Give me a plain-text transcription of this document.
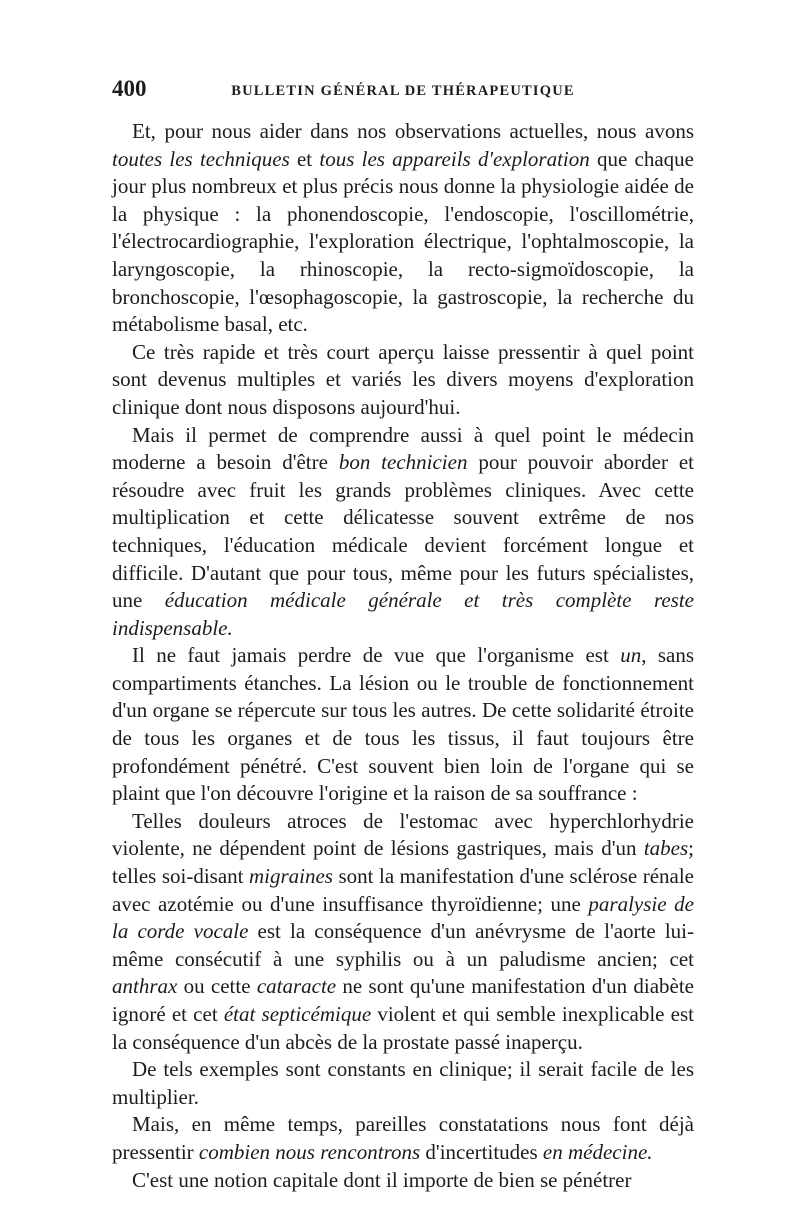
400	BULLETIN GÉNÉRAL DE THÉRAPEUTIQUE

Et, pour nous aider dans nos observations actuelles, nous avons toutes les techniques et tous les appareils d'exploration que chaque jour plus nombreux et plus précis nous donne la physiologie aidée de la physique : la phonendoscopie, l'endoscopie, l'oscillométrie, l'électrocardiographie, l'exploration électrique, l'ophtalmoscopie, la laryngoscopie, la rhinoscopie, la recto-sigmoïdoscopie, la bronchoscopie, l'œsophagoscopie, la gastroscopie, la recherche du métabolisme basal, etc.

Ce très rapide et très court aperçu laisse pressentir à quel point sont devenus multiples et variés les divers moyens d'exploration clinique dont nous disposons aujourd'hui.

Mais il permet de comprendre aussi à quel point le médecin moderne a besoin d'être bon technicien pour pouvoir aborder et résoudre avec fruit les grands problèmes cliniques. Avec cette multiplication et cette délicatesse souvent extrême de nos techniques, l'éducation médicale devient forcément longue et difficile. D'autant que pour tous, même pour les futurs spécialistes, une éducation médicale générale et très complète reste indispensable.

Il ne faut jamais perdre de vue que l'organisme est un, sans compartiments étanches. La lésion ou le trouble de fonctionnement d'un organe se répercute sur tous les autres. De cette solidarité étroite de tous les organes et de tous les tissus, il faut toujours être profondément pénétré. C'est souvent bien loin de l'organe qui se plaint que l'on découvre l'origine et la raison de sa souffrance :

Telles douleurs atroces de l'estomac avec hyperchlorhydrie violente, ne dépendent point de lésions gastriques, mais d'un tabes; telles soi-disant migraines sont la manifestation d'une sclérose rénale avec azotémie ou d'une insuffisance thyroïdienne; une paralysie de la corde vocale est la conséquence d'un anévrysme de l'aorte lui-même consécutif à une syphilis ou à un paludisme ancien; cet anthrax ou cette cataracte ne sont qu'une manifestation d'un diabète ignoré et cet état septicémique violent et qui semble inexplicable est la conséquence d'un abcès de la prostate passé inaperçu.

De tels exemples sont constants en clinique; il serait facile de les multiplier.

Mais, en même temps, pareilles constatations nous font déjà pressentir combien nous rencontrons d'incertitudes en médecine.

C'est une notion capitale dont il importe de bien se pénétrer
